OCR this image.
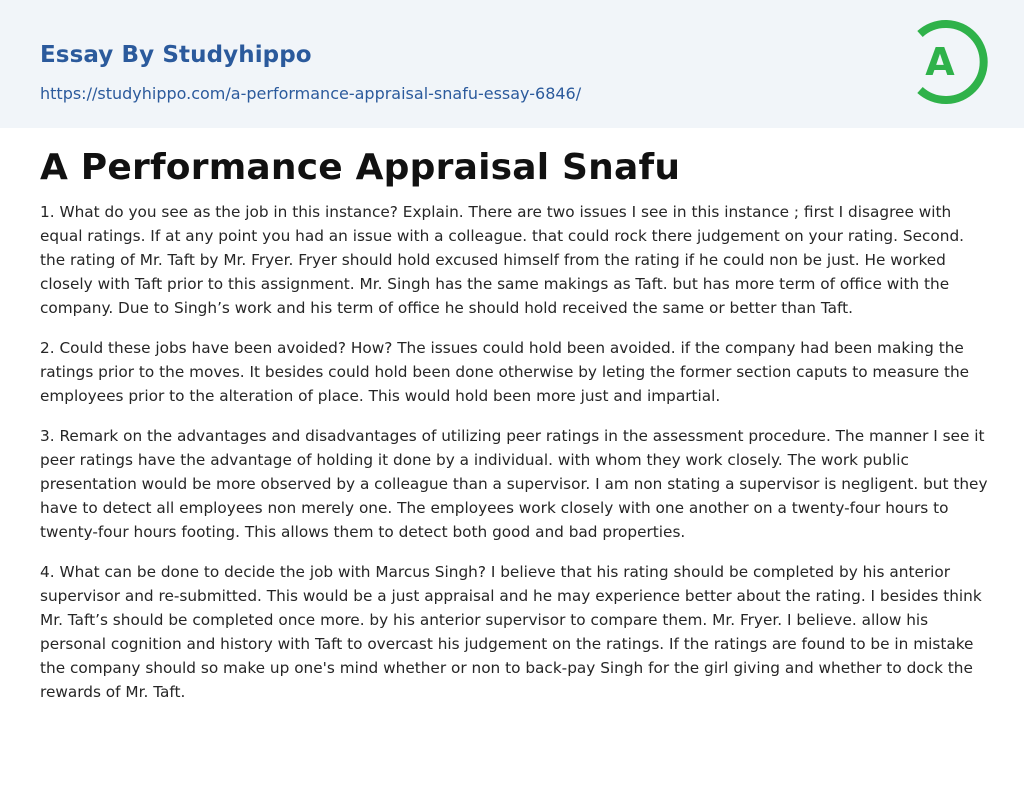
Essay By Studyhippo
https://studyhippo.com/a-performance-appraisal-snafu-essay-6846/
A
A Performance Appraisal Snafu

1. What do you see as the job in this instance? Explain. There are two issues I see in this instance ; first I disagree with equal ratings. If at any point you had an issue with a colleague. that could rock there judgement on your rating. Second. the rating of Mr. Taft by Mr. Fryer. Fryer should hold excused himself from the rating if he could non be just. He worked closely with Taft prior to this assignment. Mr. Singh has the same makings as Taft. but has more term of office with the company. Due to Singh’s work and his term of office he should hold received the same or better than Taft.

2. Could these jobs have been avoided? How? The issues could hold been avoided. if the company had been making the ratings prior to the moves. It besides could hold been done otherwise by leting the former section caputs to measure the employees prior to the alteration of place. This would hold been more just and impartial.

3. Remark on the advantages and disadvantages of utilizing peer ratings in the assessment procedure. The manner I see it peer ratings have the advantage of holding it done by a individual. with whom they work closely. The work public presentation would be more observed by a colleague than a supervisor. I am non stating a supervisor is negligent. but they have to detect all employees non merely one. The employees work closely with one another on a twenty-four hours to twenty-four hours footing. This allows them to detect both good and bad properties.

4. What can be done to decide the job with Marcus Singh? I believe that his rating should be completed by his anterior supervisor and re-submitted. This would be a just appraisal and he may experience better about the rating. I besides think Mr. Taft’s should be completed once more. by his anterior supervisor to compare them. Mr. Fryer. I believe. allow his personal cognition and history with Taft to overcast his judgement on the ratings. If the ratings are found to be in mistake the company should so make up one's mind whether or non to back-pay Singh for the girl giving and whether to dock the rewards of Mr. Taft.
